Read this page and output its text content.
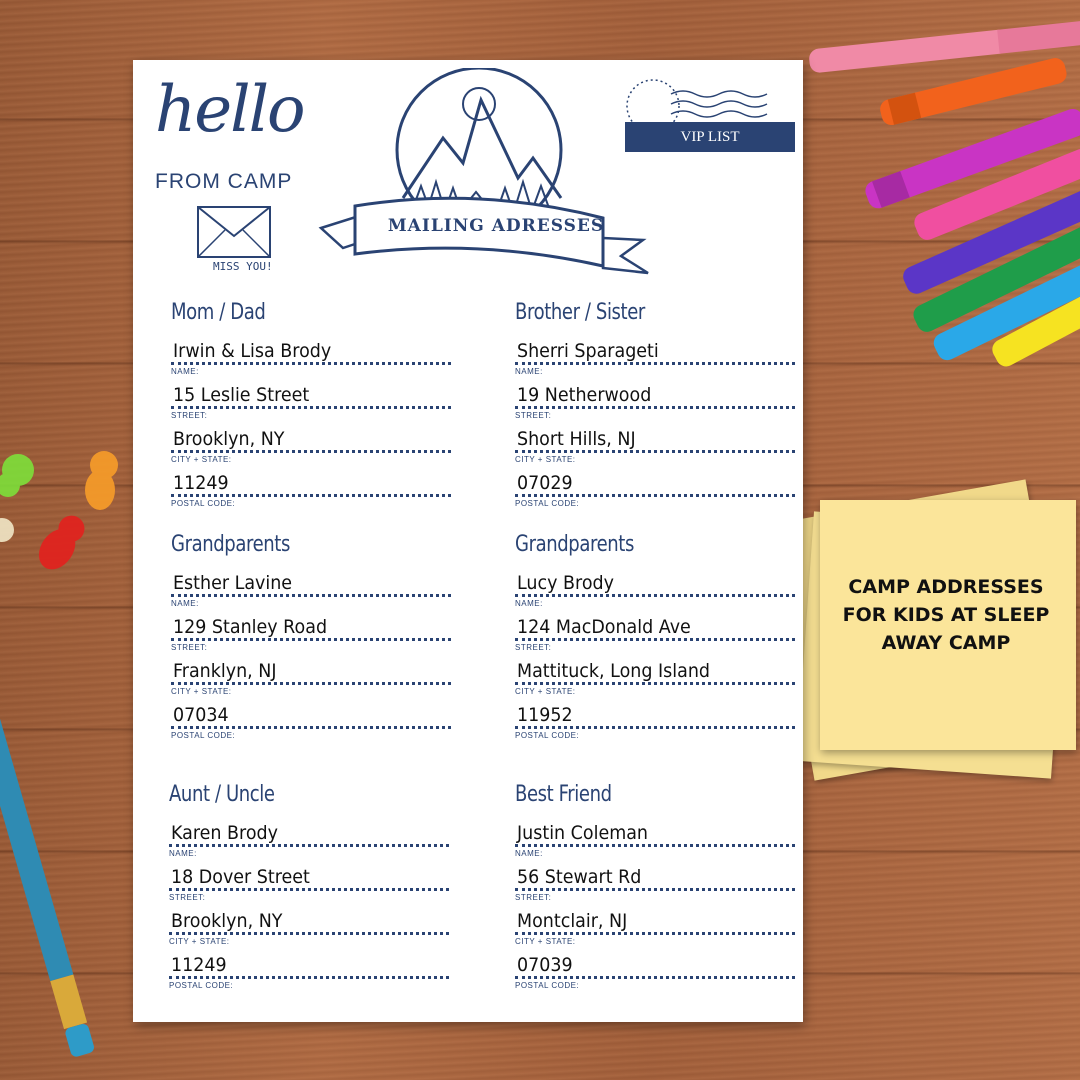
CAMP ADDRESSES FOR KIDS AT SLEEP AWAY CAMP
hello
FROM CAMP
MISS YOU!
MAILING ADRESSES
VIP LIST
Mom / Dad
Irwin & Lisa Brody
NAME:
15 Leslie Street
STREET:
Brooklyn, NY
CITY + STATE:
11249
POSTAL CODE:
Brother / Sister
Sherri Sparageti
NAME:
19 Netherwood
STREET:
Short Hills, NJ
CITY + STATE:
07029
POSTAL CODE:
Grandparents
Esther Lavine
NAME:
129 Stanley Road
STREET:
Franklyn, NJ
CITY + STATE:
07034
POSTAL CODE:
Grandparents
Lucy Brody
NAME:
124 MacDonald Ave
STREET:
Mattituck, Long Island
CITY + STATE:
11952
POSTAL CODE:
Aunt / Uncle
Karen Brody
NAME:
18 Dover Street
STREET:
Brooklyn, NY
CITY + STATE:
11249
POSTAL CODE:
Best Friend
Justin Coleman
NAME:
56 Stewart Rd
STREET:
Montclair, NJ
CITY + STATE:
07039
POSTAL CODE:
